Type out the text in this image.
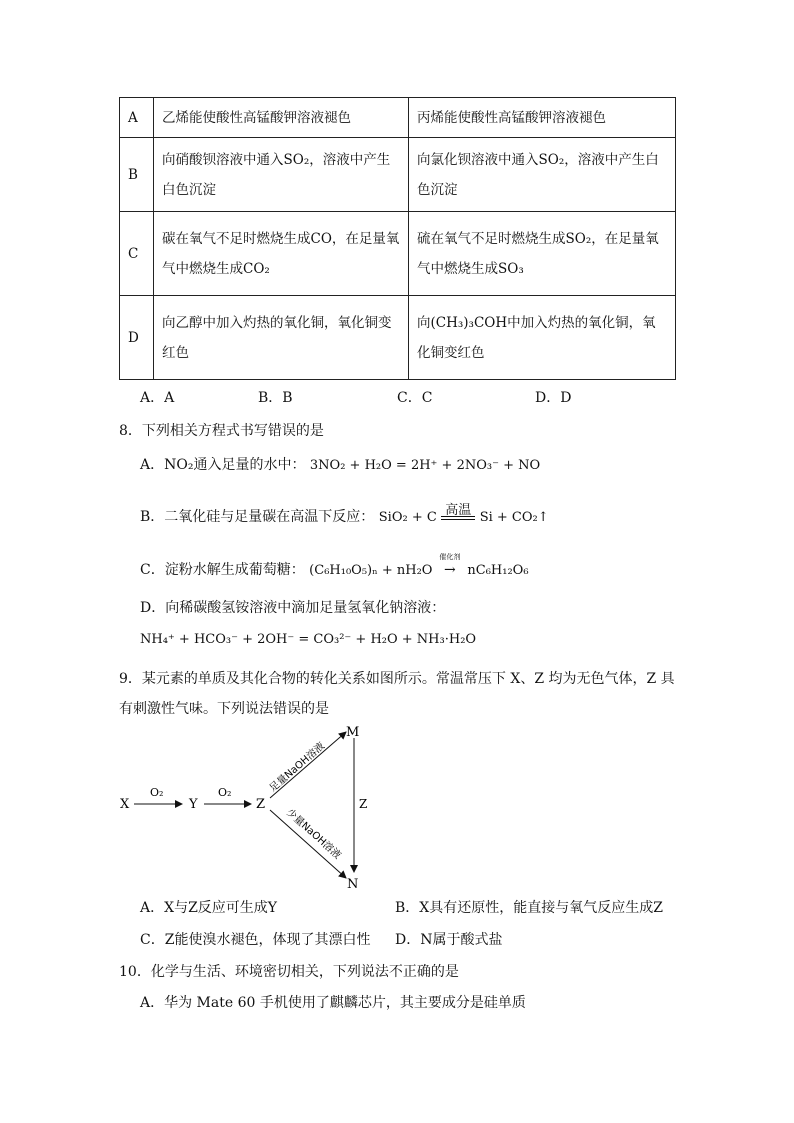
A	乙烯能使酸性高锰酸钾溶液褪色	丙烯能使酸性高锰酸钾溶液褪色
B	向硝酸钡溶液中通入SO₂，溶液中产生白色沉淀	向氯化钡溶液中通入SO₂，溶液中产生白色沉淀
C	碳在氧气不足时燃烧生成CO，在足量氧气中燃烧生成CO₂	硫在氧气不足时燃烧生成SO₂，在足量氧气中燃烧生成SO₃
D	向乙醇中加入灼热的氧化铜，氧化铜变红色	向(CH₃)₃COH中加入灼热的氧化铜，氧化铜变红色
A．A	B．B	C．C	D．D
8．下列相关方程式书写错误的是
A．NO₂通入足量的水中： 3NO₂ + H₂O = 2H⁺ + 2NO₃⁻ + NO
B．二氧化硅与足量碳在高温下反应： SiO₂ + C 高温 Si + CO₂↑
C．淀粉水解生成葡萄糖： (C₆H₁₀O₅)ₙ + nH₂O
催化剂
→ nC₆H₁₂O₆
D．向稀碳酸氢铵溶液中滴加足量氢氧化钠溶液：
NH₄⁺ + HCO₃⁻ + 2OH⁻ = CO₃²⁻ + H₂O + NH₃·H₂O
9．某元素的单质及其化合物的转化关系如图所示。常温常压下 X、Z 均为无色气体，Z 具
有刺激性气味。下列说法错误的是
X
O₂
Y
O₂
Z
M
N
Z
足量NaOH溶液
少量NaOH溶液
A．X与Z反应可生成Y	B．X具有还原性，能直接与氧气反应生成Z
C．Z能使溴水褪色，体现了其漂白性 D．N属于酸式盐
10．化学与生活、环境密切相关，下列说法不正确的是
A．华为 Mate 60 手机使用了麒麟芯片，其主要成分是硅单质
